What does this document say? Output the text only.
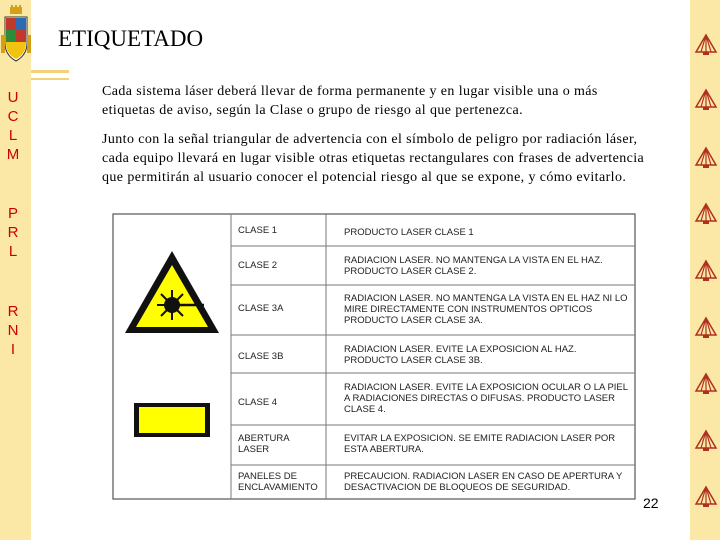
U
C
L
M
P
R
L
R
N
I
ETIQUETADO
Cada sistema láser deberá llevar de forma permanente y en lugar visible una o más etiquetas de aviso, según la Clase o grupo de riesgo al que pertenezca.
Junto con la señal triangular de advertencia con el símbolo de peligro por radiación láser, cada equipo llevará en lugar visible otras etiquetas rectangulares con frases de advertencia que permitirán al usuario conocer el potencial riesgo al que se expone, y cómo evitarlo.
CLASE 1	PRODUCTO LASER CLASE 1
CLASE 2	RADIACION LASER. NO MANTENGA LA VISTA EN EL HAZ. PRODUCTO LASER CLASE 2.
CLASE 3A
RADIACION LASER. NO MANTENGA LA VISTA EN EL HAZ NI LO MIRE DIRECTAMENTE CON INSTRUMENTOS OPTICOS PRODUCTO LASER CLASE 3A.
CLASE 3B
RADIACION LASER. EVITE LA EXPOSICION AL HAZ. PRODUCTO LASER CLASE 3B.
CLASE 4
RADIACION LASER. EVITE LA EXPOSICION OCULAR O LA PIEL A RADIACIONES DIRECTAS O DIFUSAS. PRODUCTO LASER CLASE 4.
ABERTURA LASER
EVITAR LA EXPOSICION. SE EMITE RADIACION LASER POR ESTA ABERTURA.
PANELES DE ENCLAVAMIENTO
PRECAUCION. RADIACION LASER EN CASO DE APERTURA Y DESACTIVACION DE BLOQUEOS DE SEGURIDAD.
22
